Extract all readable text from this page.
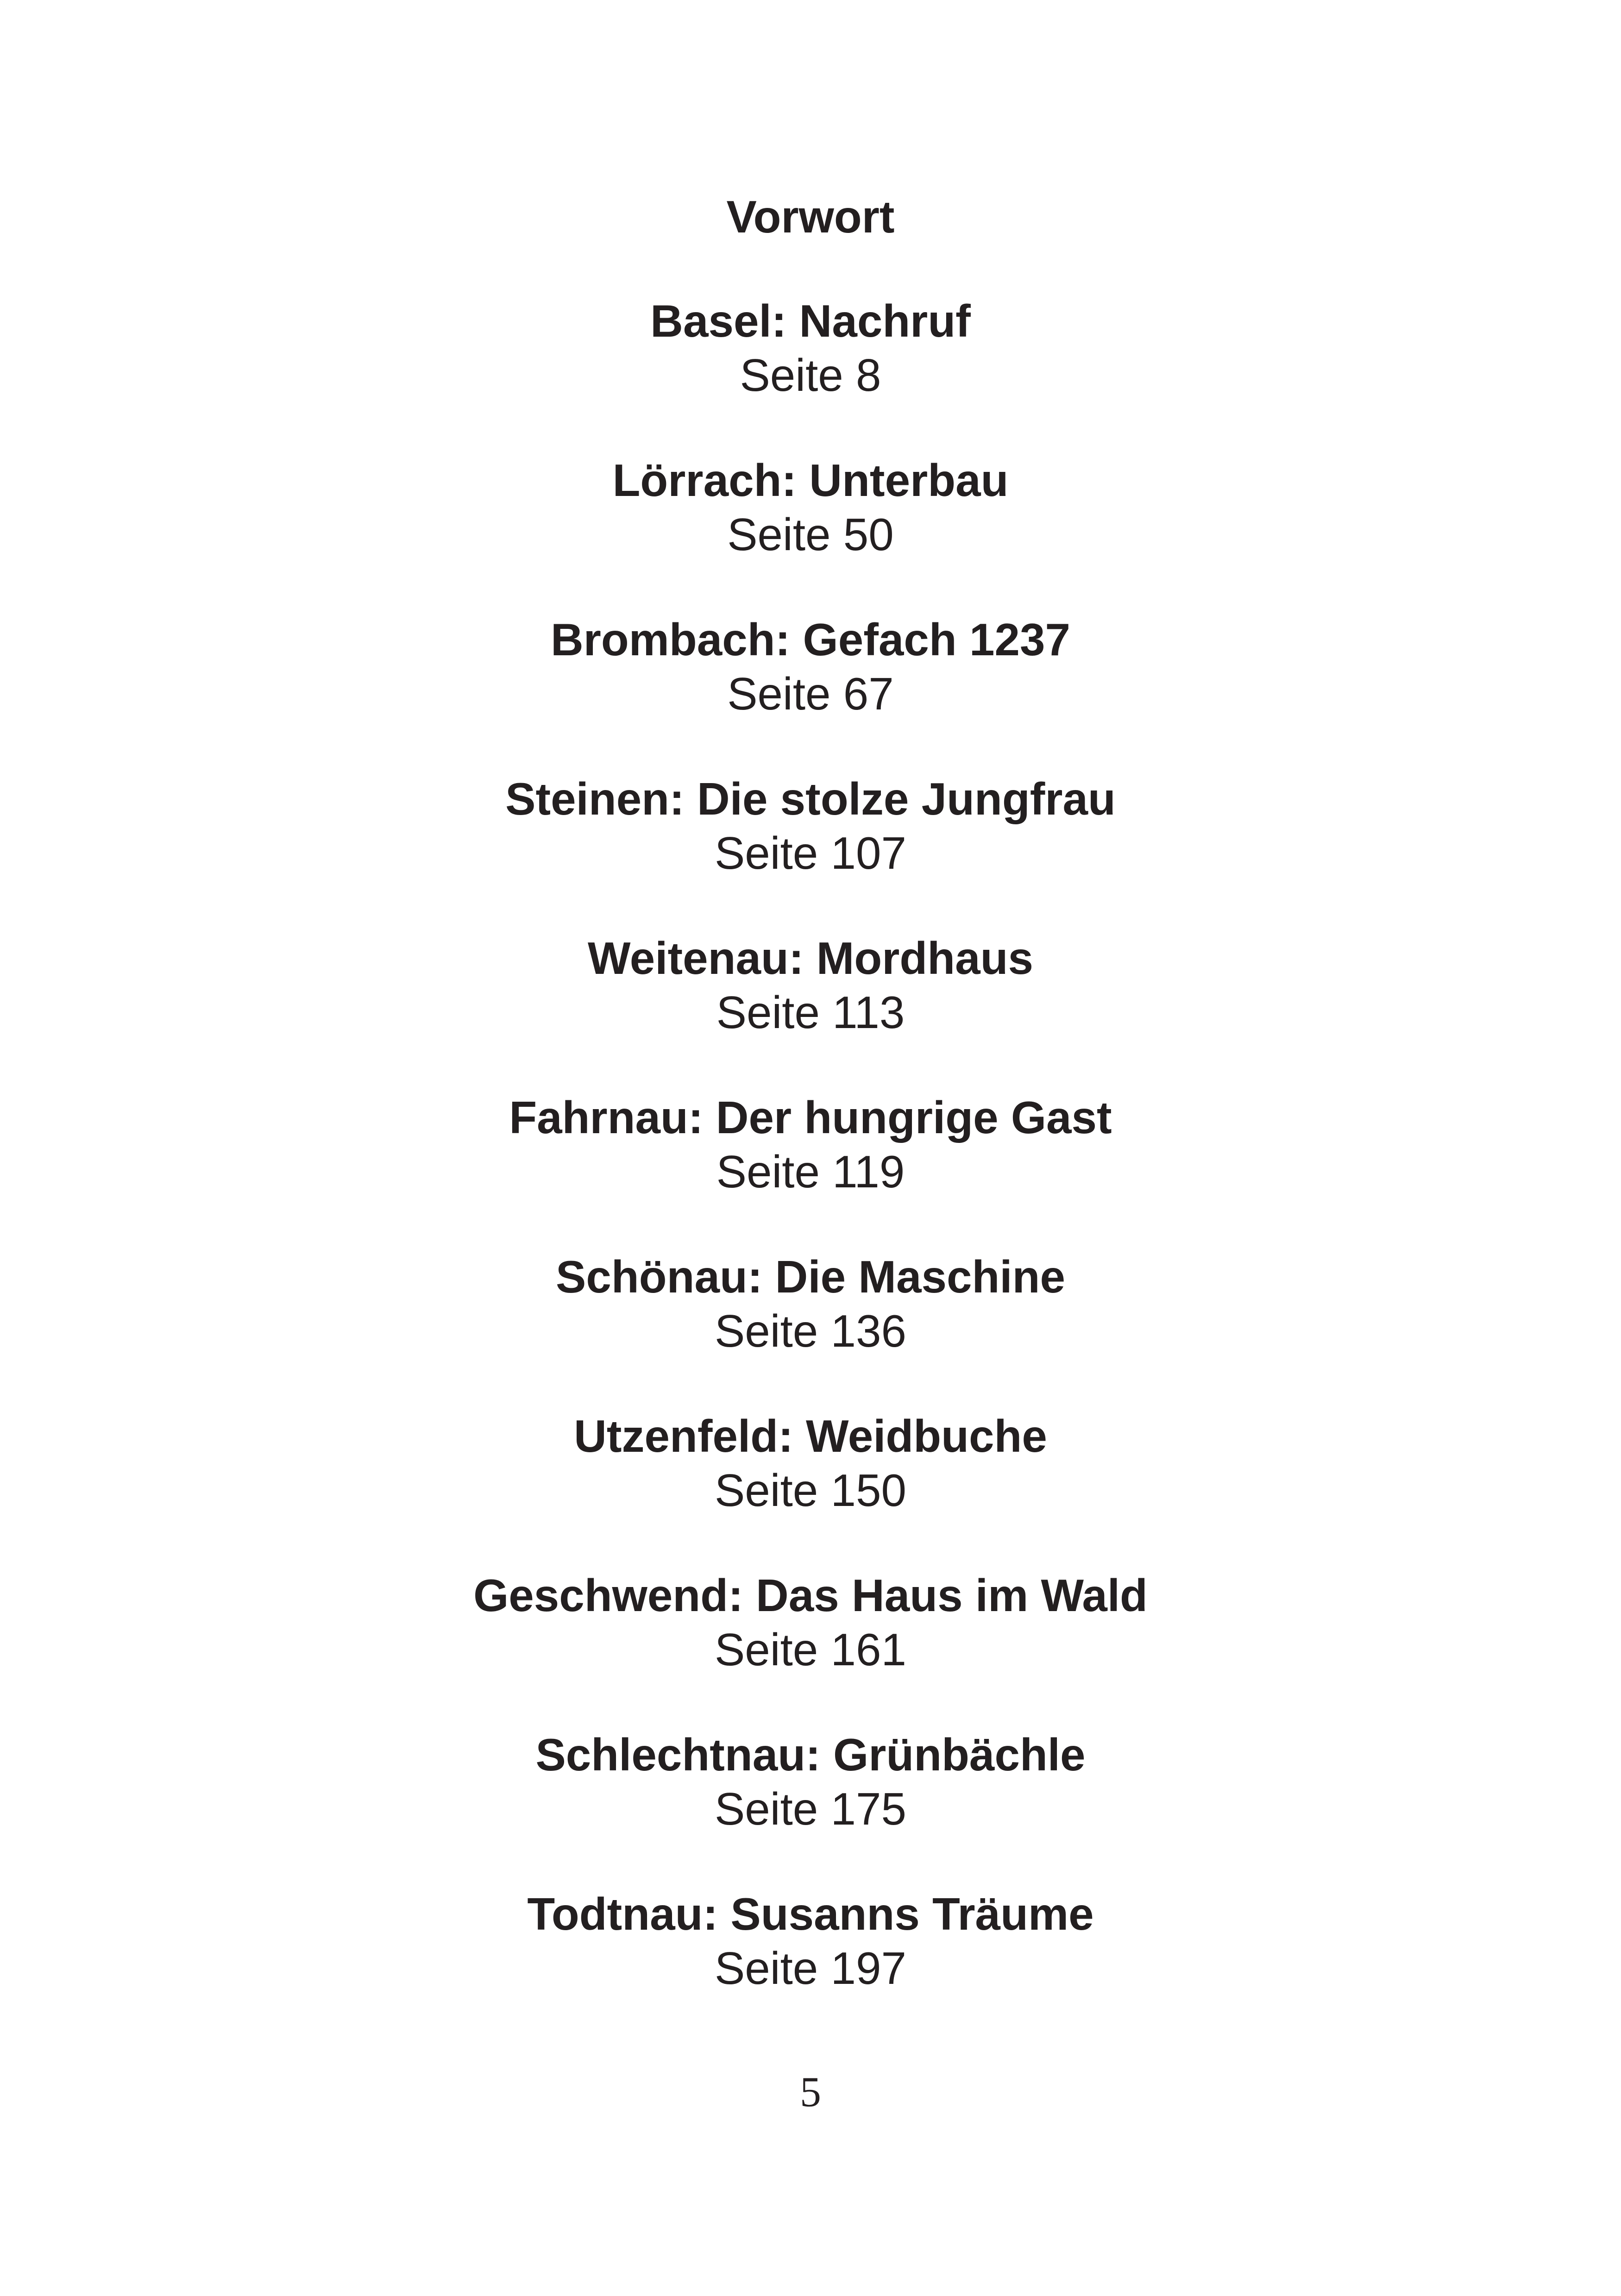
Vorwort
Basel: Nachruf
Seite 8
Lörrach: Unterbau
Seite 50
Brombach: Gefach 1237
Seite 67
Steinen: Die stolze Jungfrau
Seite 107
Weitenau: Mordhaus
Seite 113
Fahrnau: Der hungrige Gast
Seite 119
Schönau: Die Maschine
Seite 136
Utzenfeld: Weidbuche
Seite 150
Geschwend: Das Haus im Wald
Seite 161
Schlechtnau: Grünbächle
Seite 175
Todtnau: Susanns Träume
Seite 197
5
